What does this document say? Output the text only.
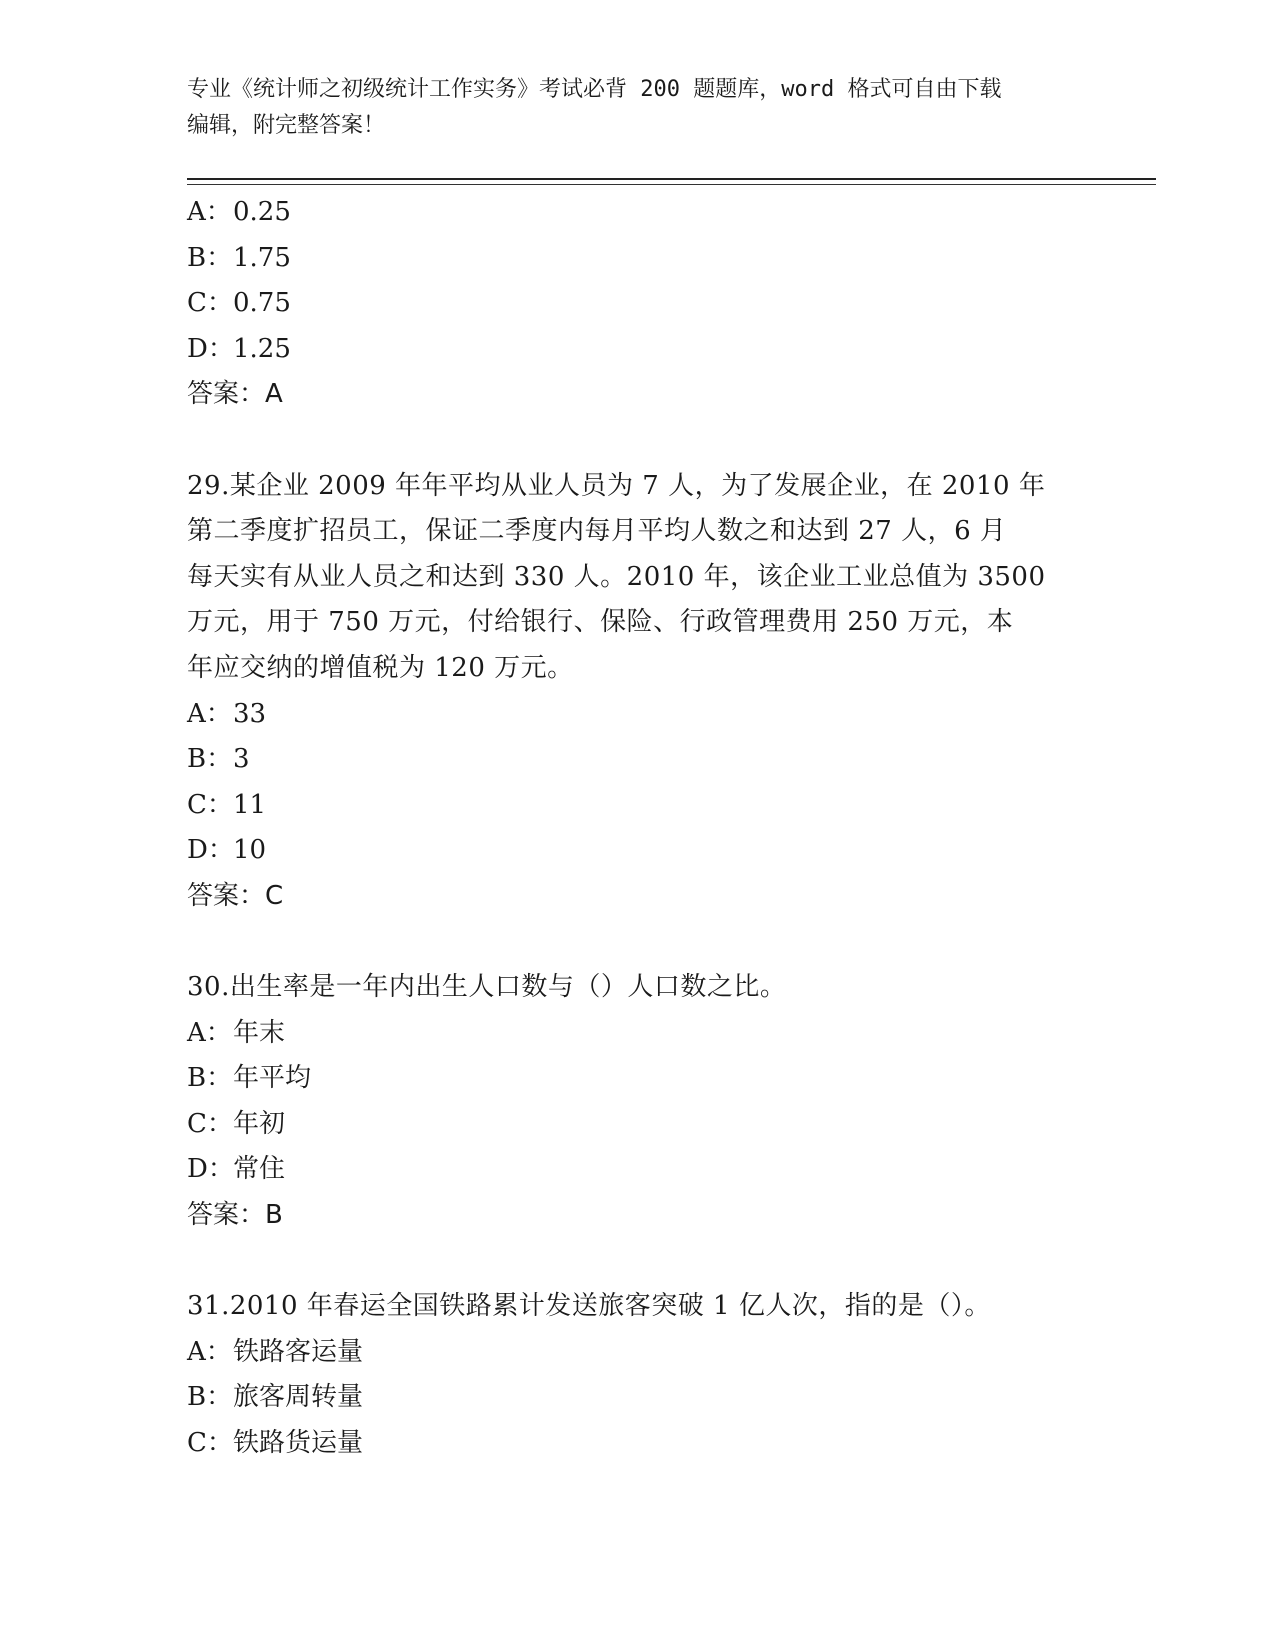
专业《统计师之初级统计工作实务》考试必背 200 题题库，word 格式可自由下载
编辑，附完整答案！
A：0.25
B：1.75
C：0.75
D：1.25
答案：A
29.某企业 2009 年年平均从业人员为 7 人，为了发展企业，在 2010 年
第二季度扩招员工，保证二季度内每月平均人数之和达到 27 人，6 月
每天实有从业人员之和达到 330 人。2010 年，该企业工业总值为 3500
万元，用于 750 万元，付给银行、保险、行政管理费用 250 万元，本
年应交纳的增值税为 120 万元。
A：33
B：3
C：11
D：10
答案：C
30.出生率是一年内出生人口数与（）人口数之比。
A：年末
B：年平均
C：年初
D：常住
答案：B
31.2010 年春运全国铁路累计发送旅客突破 1 亿人次，指的是（）。
A：铁路客运量
B：旅客周转量
C：铁路货运量
